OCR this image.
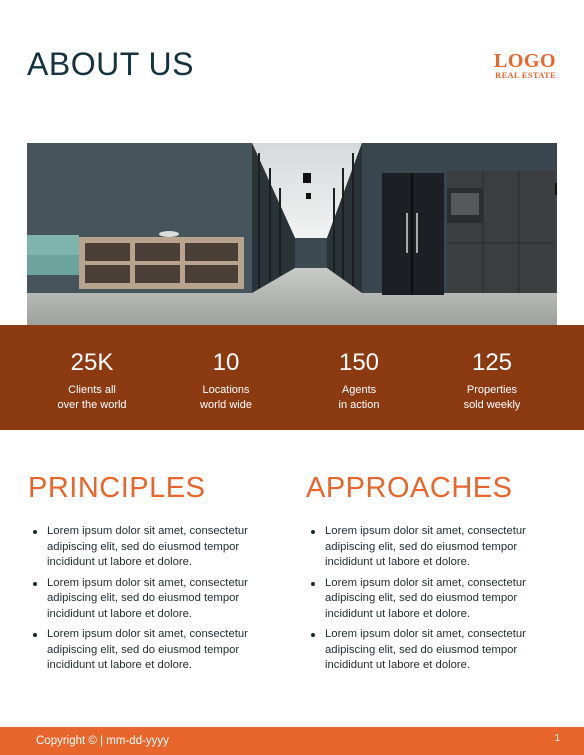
ABOUT US	LOGO
REAL ESTATE
25K
Clients all
over the world
10
Locations
world wide
150
Agents
in action
125
Properties
sold weekly
PRINCIPLES
Lorem ipsum dolor sit amet, consectetur adipiscing elit, sed do eiusmod tempor incididunt ut labore et dolore.
Lorem ipsum dolor sit amet, consectetur adipiscing elit, sed do eiusmod tempor incididunt ut labore et dolore.
Lorem ipsum dolor sit amet, consectetur adipiscing elit, sed do eiusmod tempor incididunt ut labore et dolore.
APPROACHES
Lorem ipsum dolor sit amet, consectetur adipiscing elit, sed do eiusmod tempor incididunt ut labore et dolore.
Lorem ipsum dolor sit amet, consectetur adipiscing elit, sed do eiusmod tempor incididunt ut labore et dolore.
Lorem ipsum dolor sit amet, consectetur adipiscing elit, sed do eiusmod tempor incididunt ut labore et dolore.
Copyright © | mm-dd-yyyy	1
